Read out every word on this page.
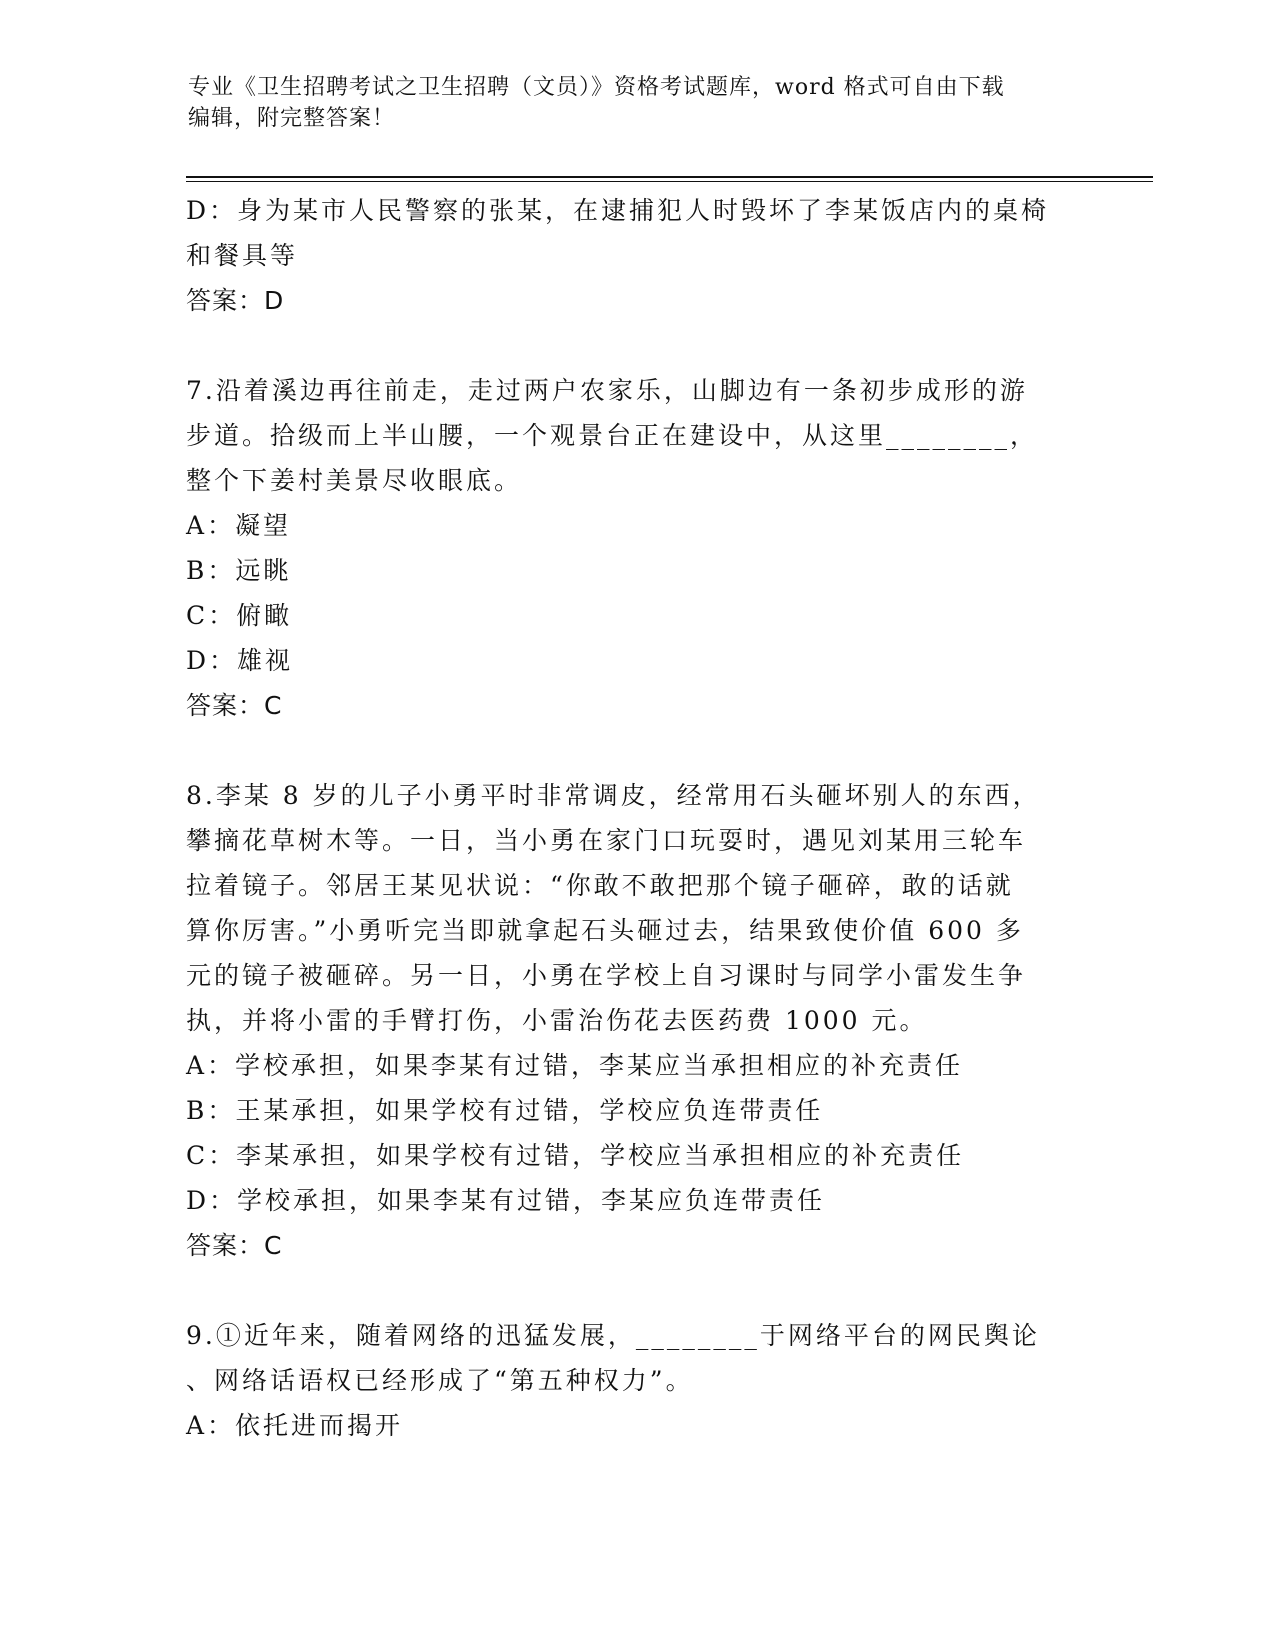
专业《卫生招聘考试之卫生招聘（文员）》资格考试题库，word 格式可自由下载
编辑，附完整答案！
D：身为某市人民警察的张某，在逮捕犯人时毁坏了李某饭店内的桌椅
和餐具等
答案：D
7.沿着溪边再往前走，走过两户农家乐，山脚边有一条初步成形的游
步道。拾级而上半山腰，一个观景台正在建设中，从这里________，
整个下姜村美景尽收眼底。
A：凝望
B：远眺
C：俯瞰
D：雄视
答案：C
8.李某 8 岁的儿子小勇平时非常调皮，经常用石头砸坏别人的东西，
攀摘花草树木等。一日，当小勇在家门口玩耍时，遇见刘某用三轮车
拉着镜子。邻居王某见状说：“你敢不敢把那个镜子砸碎，敢的话就
算你厉害。”小勇听完当即就拿起石头砸过去，结果致使价值 600 多
元的镜子被砸碎。另一日，小勇在学校上自习课时与同学小雷发生争
执，并将小雷的手臂打伤，小雷治伤花去医药费 1000 元。
A：学校承担，如果李某有过错，李某应当承担相应的补充责任
B：王某承担，如果学校有过错，学校应负连带责任
C：李某承担，如果学校有过错，学校应当承担相应的补充责任
D：学校承担，如果李某有过错，李某应负连带责任
答案：C
9.①近年来，随着网络的迅猛发展，________于网络平台的网民舆论
、网络话语权已经形成了“第五种权力”。
A：依托进而揭开
